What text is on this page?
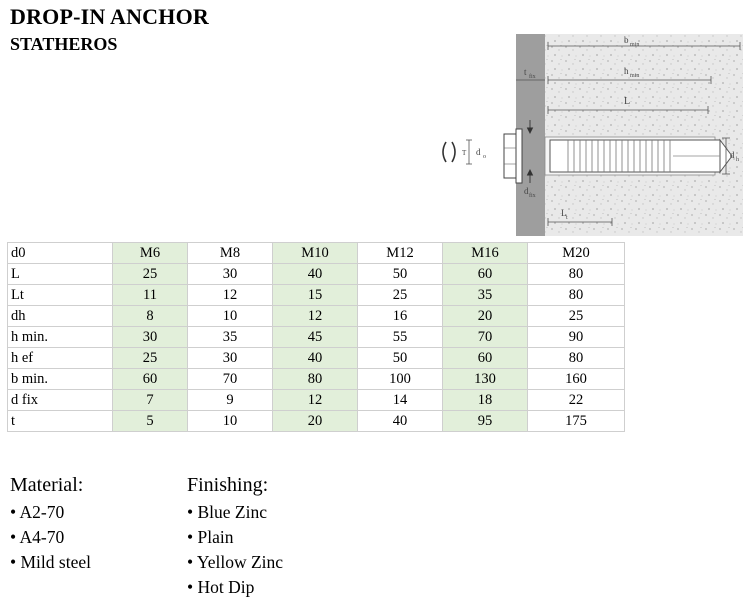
DROP-IN ANCHOR
STATHEROS
T d o
b min
t fix
h min
L
d fix
L t
d h
d0	M6	M8	M10	M12	M16	M20
L	25	30	40	50	60	80
Lt	11	12	15	25	35	80
dh	8	10	12	16	20	25
h min.	30	35	45	55	70	90
h ef	25	30	40	50	60	80
b min.	60	70	80	100	130	160
d fix	7	9	12	14	18	22
t	5	10	20	40	95	175
Material:
• A2-70
• A4-70
• Mild steel
Finishing:
• Blue Zinc
• Plain
• Yellow Zinc
• Hot Dip
